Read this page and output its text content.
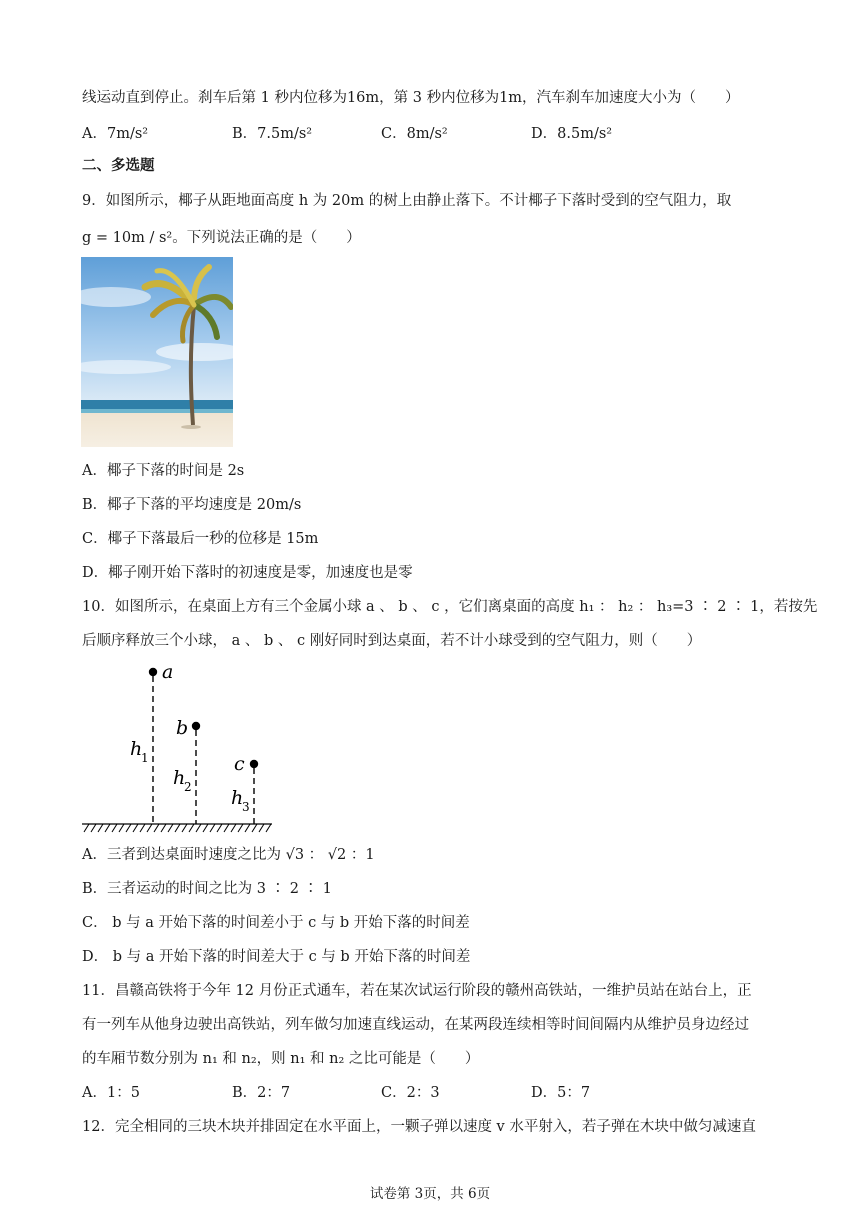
线运动直到停止。刹车后第 1 秒内位移为16m，第 3 秒内位移为1m，汽车刹车加速度大小为（　　）
A．7m/s²	B．7.5m/s²	C．8m/s²	D．8.5m/s²
二、多选题
9．如图所示，椰子从距地面高度 h 为 20m 的树上由静止落下。不计椰子下落时受到的空气阻力，取
g = 10m / s²。下列说法正确的是（　　）
A．椰子下落的时间是 2s
B．椰子下落的平均速度是 20m/s
C．椰子下落最后一秒的位移是 15m
D．椰子刚开始下落时的初速度是零，加速度也是零
10．如图所示，在桌面上方有三个金属小球 a 、 b 、 c ，它们离桌面的高度 h₁ ： h₂ ： h₃=3 ∶ 2 ∶ 1，若按先
后顺序释放三个小球， a 、 b 、 c 刚好同时到达桌面，若不计小球受到的空气阻力，则（　　）
a
b
c
h
1
h
2 h
3
A．三者到达桌面时速度之比为 √3 ： √2 ：1
B．三者运动的时间之比为 3 ∶ 2 ∶ 1
C． b 与 a 开始下落的时间差小于 c 与 b 开始下落的时间差
D． b 与 a 开始下落的时间差大于 c 与 b 开始下落的时间差
11．昌赣高铁将于今年 12 月份正式通车，若在某次试运行阶段的赣州高铁站，一维护员站在站台上，正
有一列车从他身边驶出高铁站，列车做匀加速直线运动，在某两段连续相等时间间隔内从维护员身边经过
的车厢节数分别为 n₁ 和 n₂，则 n₁ 和 n₂ 之比可能是（　　）
A．1：5	B．2：7	C．2：3	D．5：7
12．完全相同的三块木块并排固定在水平面上，一颗子弹以速度 v 水平射入，若子弹在木块中做匀减速直
试卷第 3页，共 6页
